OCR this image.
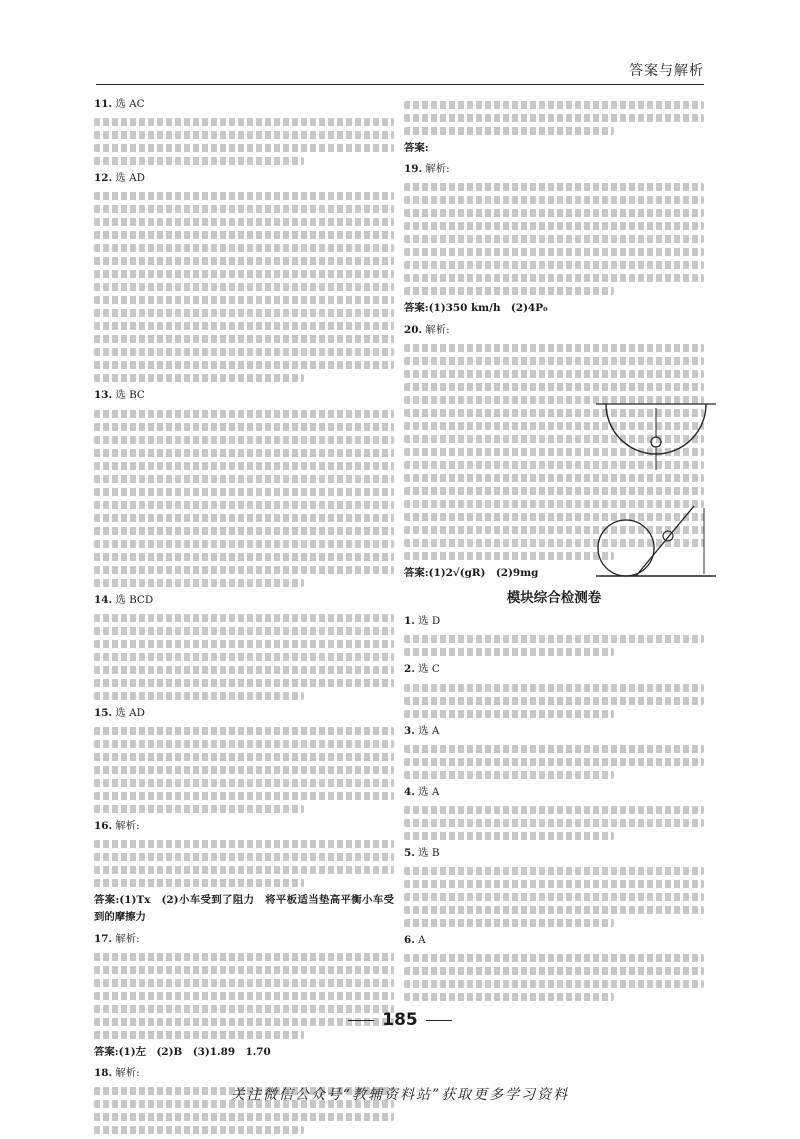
答案与解析
11. 选 AC
12. 选 AD
13. 选 BC
14. 选 BCD
15. 选 AD
16. 解析:
答案:(1)Tx　(2)小车受到了阻力　将平板适当垫高平衡小车受到的摩擦力
17. 解析:
答案:(1)左　(2)B　(3)1.89　1.70
18. 解析:
答案:
19. 解析:
答案:(1)350 km/h　(2)4P₀
20. 解析:
答案:(1)2√(gR)　(2)9mg
模块综合检测卷
1. 选 D
2. 选 C
3. 选 A
4. 选 A
5. 选 B
6. A
185
关注微信公众号“教辅资料站”获取更多学习资料
